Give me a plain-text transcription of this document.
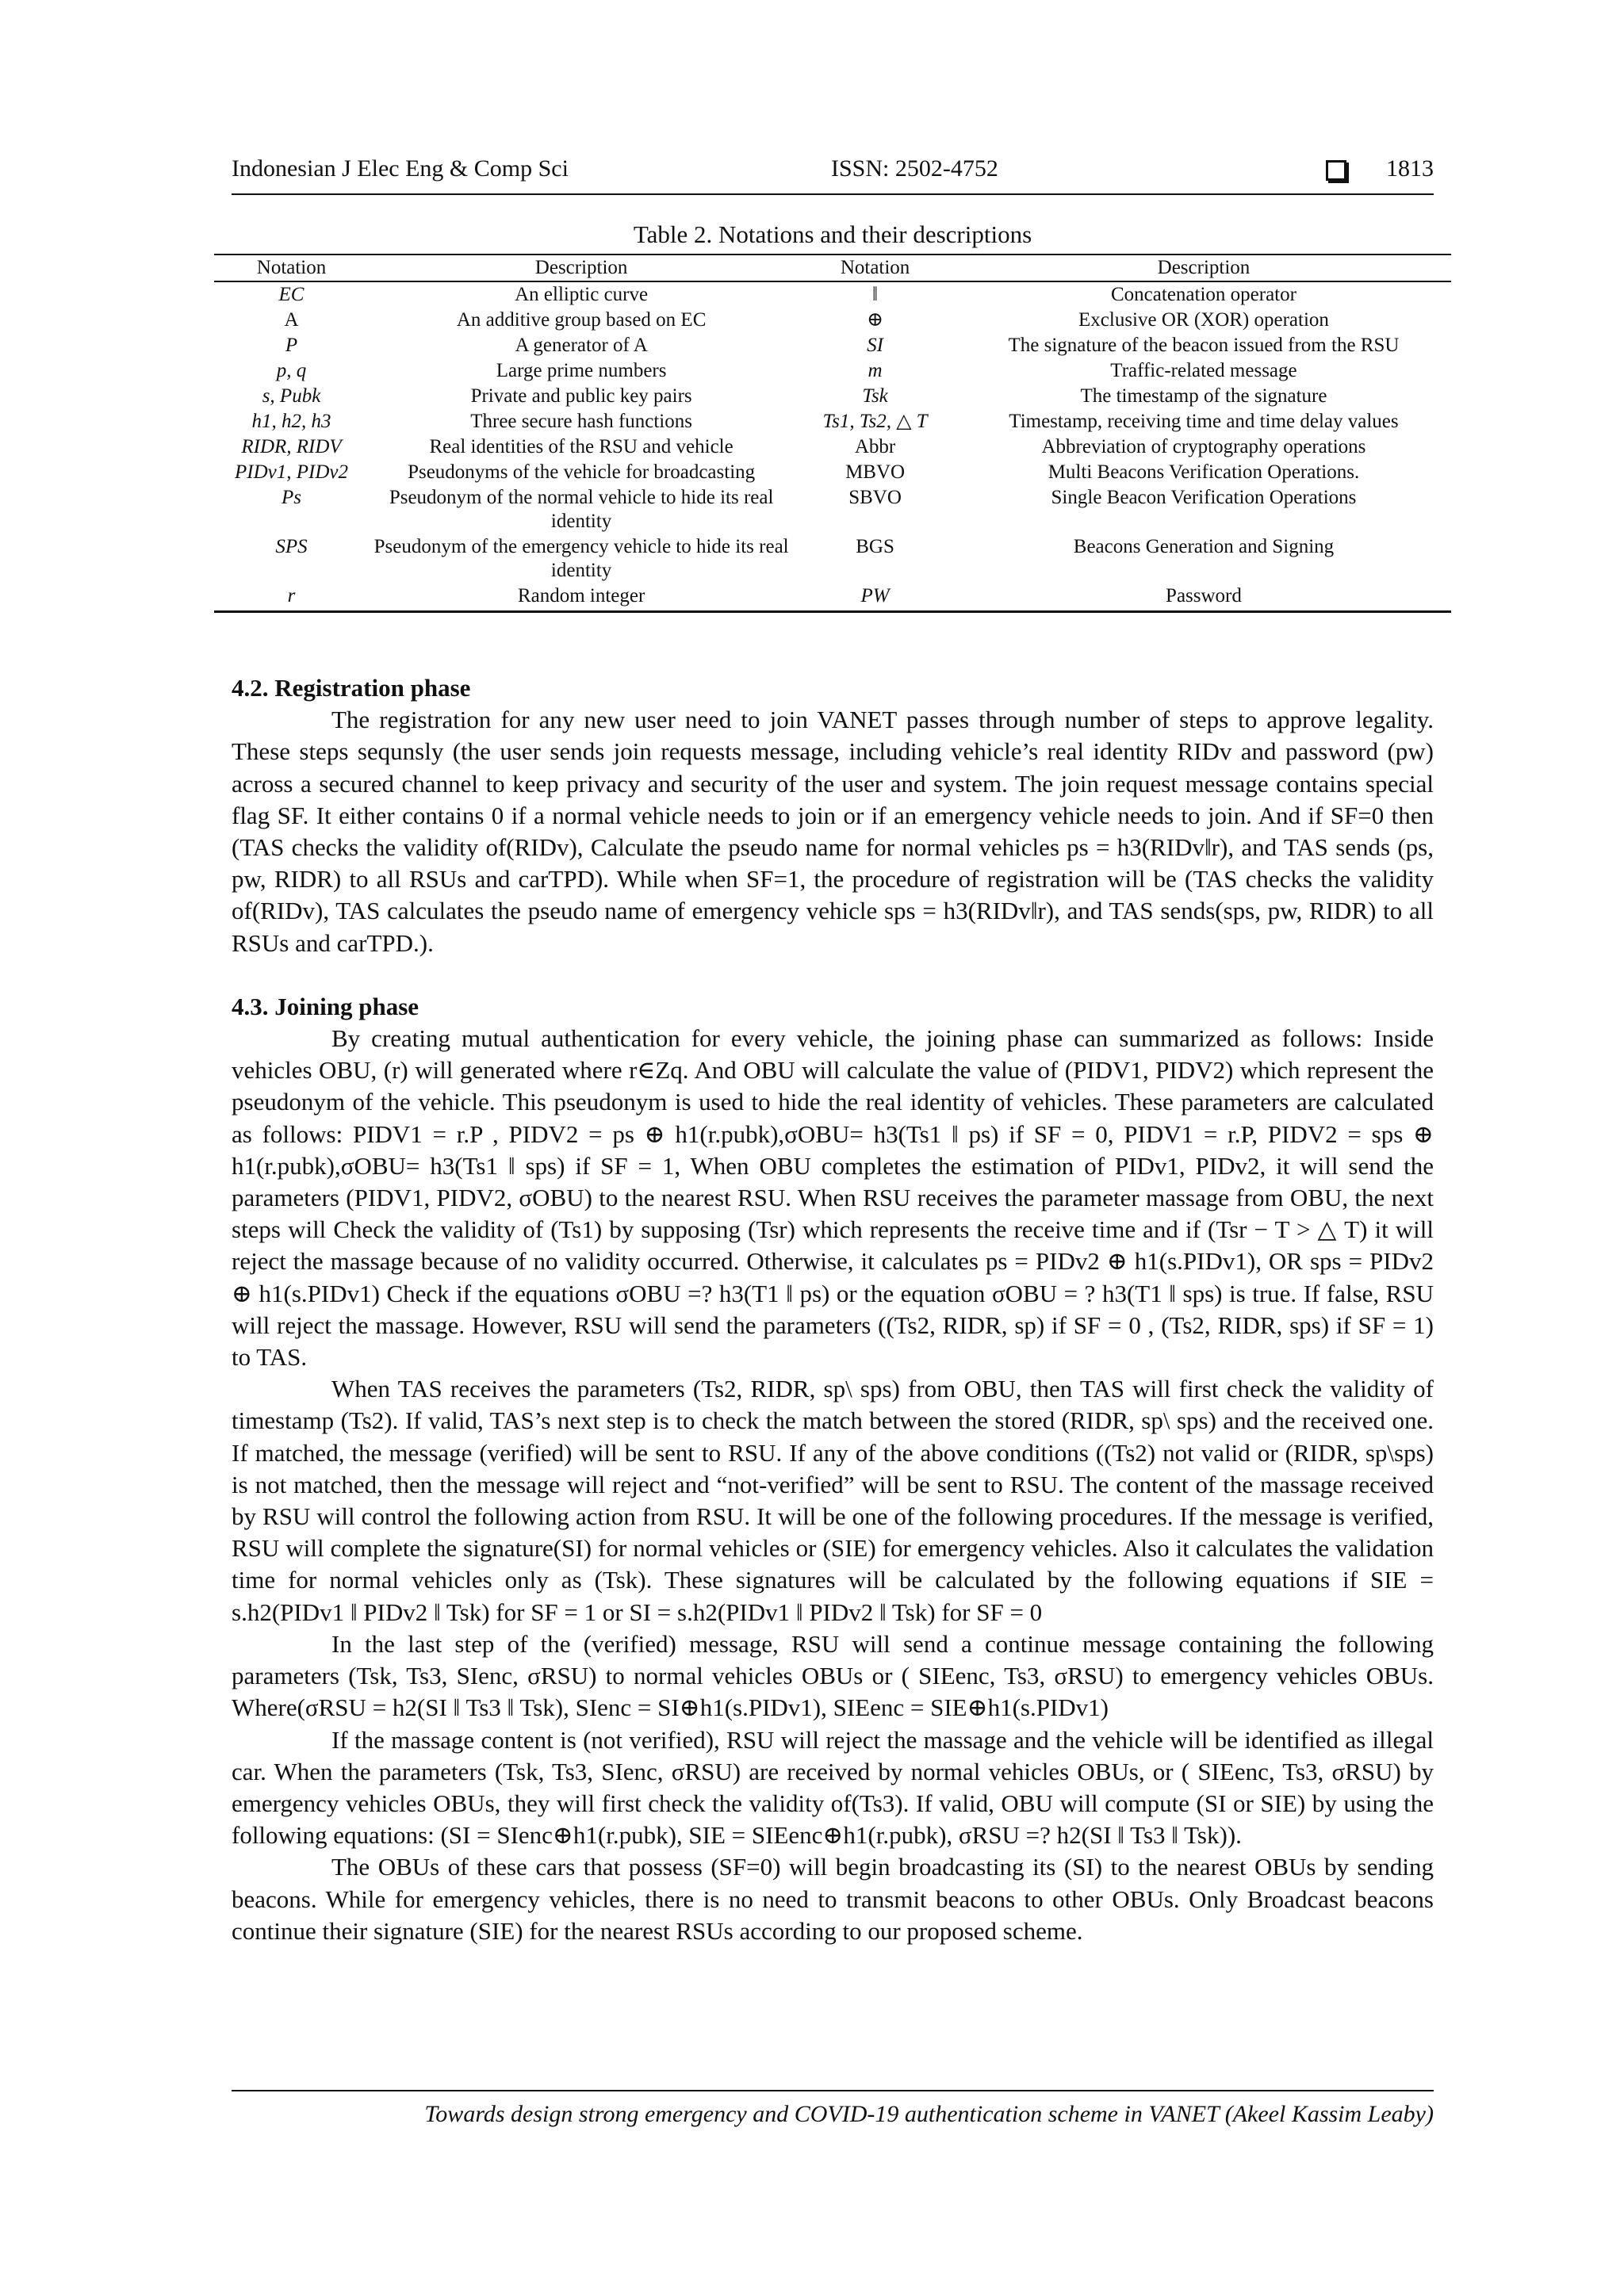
Indonesian J Elec Eng & Comp Sci	ISSN: 2502-4752	1813
Table 2. Notations and their descriptions
Notation	Description	Notation	Description
EC	An elliptic curve	‖	Concatenation operator
A	An additive group based on EC	⊕	Exclusive OR (XOR) operation
P	A generator of A	SI	The signature of the beacon issued from the RSU
p, q	Large prime numbers	m	Traffic-related message
s, Pubk	Private and public key pairs	Tsk	The timestamp of the signature
h1, h2, h3	Three secure hash functions	Ts1, Ts2, △ T	Timestamp, receiving time and time delay values
RIDR, RIDV	Real identities of the RSU and vehicle	Abbr	Abbreviation of cryptography operations
PIDv1, PIDv2	Pseudonyms of the vehicle for broadcasting	MBVO	Multi Beacons Verification Operations.
Ps	Pseudonym of the normal vehicle to hide its real identity	SBVO	Single Beacon Verification Operations
SPS	Pseudonym of the emergency vehicle to hide its real identity	BGS	Beacons Generation and Signing
r	Random integer	PW	Password
4.2. Registration phase

The registration for any new user need to join VANET passes through number of steps to approve legality. These steps sequnsly (the user sends join requests message, including vehicle’s real identity RIDv and password (pw) across a secured channel to keep privacy and security of the user and system. The join request message contains special flag SF. It either contains 0 if a normal vehicle needs to join or if an emergency vehicle needs to join. And if SF=0 then (TAS checks the validity of(RIDv), Calculate the pseudo name for normal vehicles ps = h3(RIDv‖r), and TAS sends (ps, pw, RIDR) to all RSUs and carTPD). While when SF=1, the procedure of registration will be (TAS checks the validity of(RIDv), TAS calculates the pseudo name of emergency vehicle sps = h3(RIDv‖r), and TAS sends(sps, pw, RIDR) to all RSUs and carTPD.).

4.3. Joining phase

By creating mutual authentication for every vehicle, the joining phase can summarized as follows: Inside vehicles OBU, (r) will generated where r∈Zq. And OBU will calculate the value of (PIDV1, PIDV2) which represent the pseudonym of the vehicle. This pseudonym is used to hide the real identity of vehicles. These parameters are calculated as follows: PIDV1 = r.P , PIDV2 = ps ⊕ h1(r.pubk),σOBU= h3(Ts1 ‖ ps) if SF = 0, PIDV1 = r.P, PIDV2 = sps ⊕ h1(r.pubk),σOBU= h3(Ts1 ‖ sps) if SF = 1, When OBU completes the estimation of PIDv1, PIDv2, it will send the parameters (PIDV1, PIDV2, σOBU) to the nearest RSU. When RSU receives the parameter massage from OBU, the next steps will Check the validity of (Ts1) by supposing (Tsr) which represents the receive time and if (Tsr − T > △ T) it will reject the massage because of no validity occurred. Otherwise, it calculates ps = PIDv2 ⊕ h1(s.PIDv1), OR sps = PIDv2 ⊕ h1(s.PIDv1) Check if the equations σOBU =? h3(T1 ‖ ps) or the equation σOBU = ? h3(T1 ‖ sps) is true. If false, RSU will reject the massage. However, RSU will send the parameters ((Ts2, RIDR, sp) if SF = 0 , (Ts2, RIDR, sps) if SF = 1) to TAS.

When TAS receives the parameters (Ts2, RIDR, sp\ sps) from OBU, then TAS will first check the validity of timestamp (Ts2). If valid, TAS’s next step is to check the match between the stored (RIDR, sp\ sps) and the received one. If matched, the message (verified) will be sent to RSU. If any of the above conditions ((Ts2) not valid or (RIDR, sp\sps) is not matched, then the message will reject and “not-verified” will be sent to RSU. The content of the massage received by RSU will control the following action from RSU. It will be one of the following procedures. If the message is verified, RSU will complete the signature(SI) for normal vehicles or (SIE) for emergency vehicles. Also it calculates the validation time for normal vehicles only as (Tsk). These signatures will be calculated by the following equations if SIE = s.h2(PIDv1 ‖ PIDv2 ‖ Tsk) for SF = 1 or SI = s.h2(PIDv1 ‖ PIDv2 ‖ Tsk) for SF = 0

In the last step of the (verified) message, RSU will send a continue message containing the following parameters (Tsk, Ts3, SIenc, σRSU) to normal vehicles OBUs or ( SIEenc, Ts3, σRSU) to emergency vehicles OBUs. Where(σRSU = h2(SI ‖ Ts3 ‖ Tsk), SIenc = SI⊕h1(s.PIDv1), SIEenc = SIE⊕h1(s.PIDv1)

If the massage content is (not verified), RSU will reject the massage and the vehicle will be identified as illegal car. When the parameters (Tsk, Ts3, SIenc, σRSU) are received by normal vehicles OBUs, or ( SIEenc, Ts3, σRSU) by emergency vehicles OBUs, they will first check the validity of(Ts3). If valid, OBU will compute (SI or SIE) by using the following equations: (SI = SIenc⊕h1(r.pubk), SIE = SIEenc⊕h1(r.pubk), σRSU =? h2(SI ‖ Ts3 ‖ Tsk)).

The OBUs of these cars that possess (SF=0) will begin broadcasting its (SI) to the nearest OBUs by sending beacons. While for emergency vehicles, there is no need to transmit beacons to other OBUs. Only Broadcast beacons continue their signature (SIE) for the nearest RSUs according to our proposed scheme.

Towards design strong emergency and COVID-19 authentication scheme in VANET (Akeel Kassim Leaby)
